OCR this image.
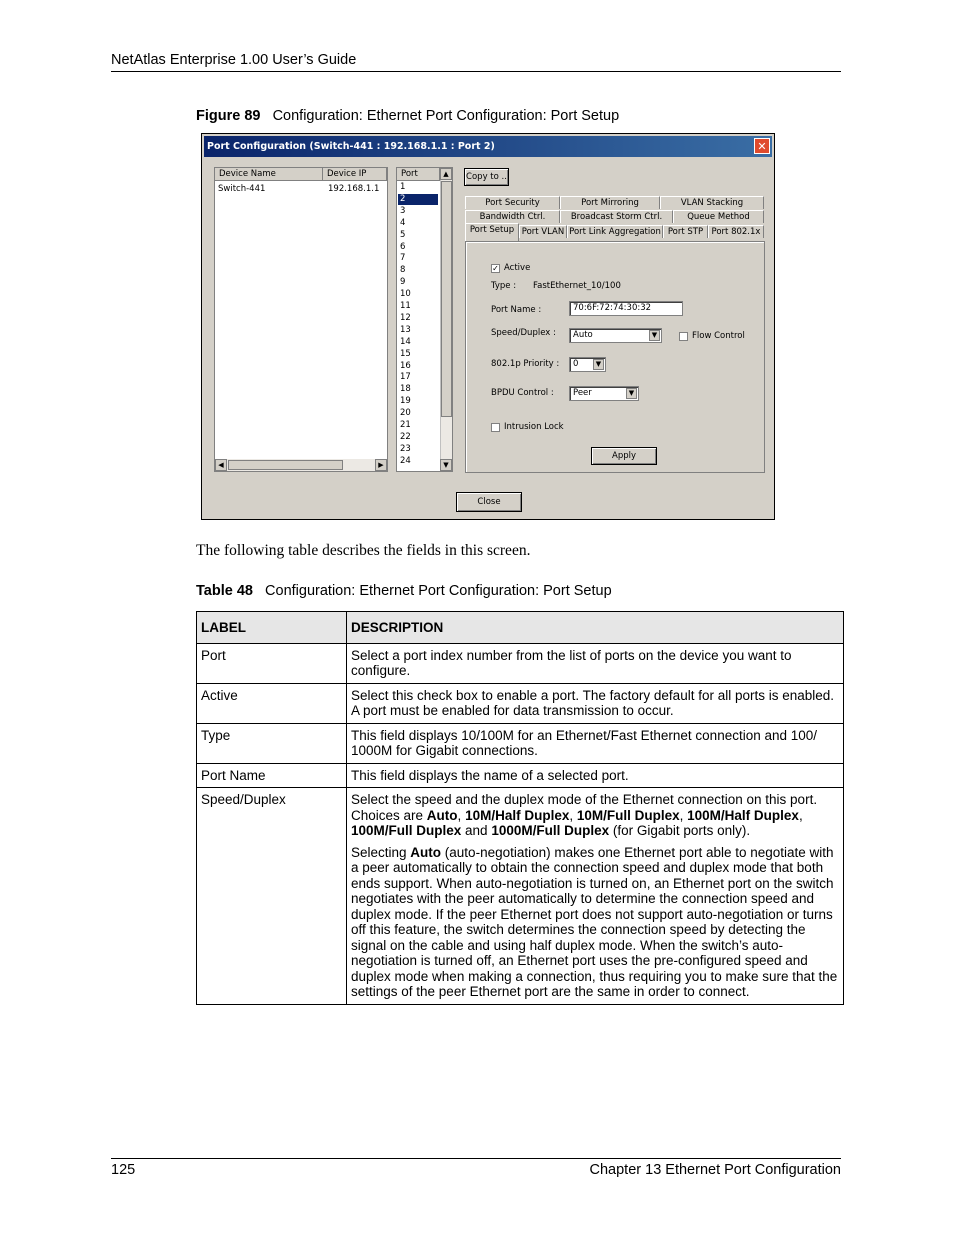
NetAtlas Enterprise 1.00 User’s Guide
Figure 89 Configuration: Ethernet Port Configuration: Port Setup
Port Configuration (Switch-441 : 192.168.1.1 : Port 2)	✕
Device Name	Device IP
Switch-441	192.168.1.1
◀	▶
Port
1
2
3
4
5
6
7
8
9
10
11
12
13
14
15
16
17
18
19
20
21
22
23
24
▲
▼
Copy to ..
Port Security	Port Mirroring	VLAN Stacking
Bandwidth Ctrl.	Broadcast Storm Ctrl.	Queue Method
Port Setup Port VLAN Port Link Aggregation Port STP Port 802.1x
✓ Active
Type : FastEthernet_10/100
Port Name :	70:6F:72:74:30:32
Speed/Duplex :	Auto	▼	Flow Control
802.1p Priority :	0	▼
BPDU Control :	Peer	▼
Intrusion Lock
Apply
Close
The following table describes the fields in this screen.
Table 48 Configuration: Ethernet Port Configuration: Port Setup
LABEL	DESCRIPTION
Port	Select a port index number from the list of ports on the device you want to configure.
Active	Select this check box to enable a port. The factory default for all ports is enabled. A port must be enabled for data transmission to occur.
Type	This field displays 10/100M for an Ethernet/Fast Ethernet connection and 100/ 1000M for Gigabit connections.
Port Name	This field displays the name of a selected port.
Speed/Duplex	Select the speed and the duplex mode of the Ethernet connection on this port. Choices are Auto, 10M/Half Duplex, 10M/Full Duplex, 100M/Half Duplex, 100M/Full Duplex and 1000M/Full Duplex (for Gigabit ports only).

Selecting Auto (auto-negotiation) makes one Ethernet port able to negotiate with a peer automatically to obtain the connection speed and duplex mode that both ends support. When auto-negotiation is turned on, an Ethernet port on the switch negotiates with the peer automatically to determine the connection speed and duplex mode. If the peer Ethernet port does not support auto-negotiation or turns off this feature, the switch determines the connection speed by detecting the signal on the cable and using half duplex mode. When the switch’s auto-negotiation is turned off, an Ethernet port uses the pre-configured speed and duplex mode when making a connection, thus requiring you to make sure that the settings of the peer Ethernet port are the same in order to connect.

125	Chapter 13 Ethernet Port Configuration
